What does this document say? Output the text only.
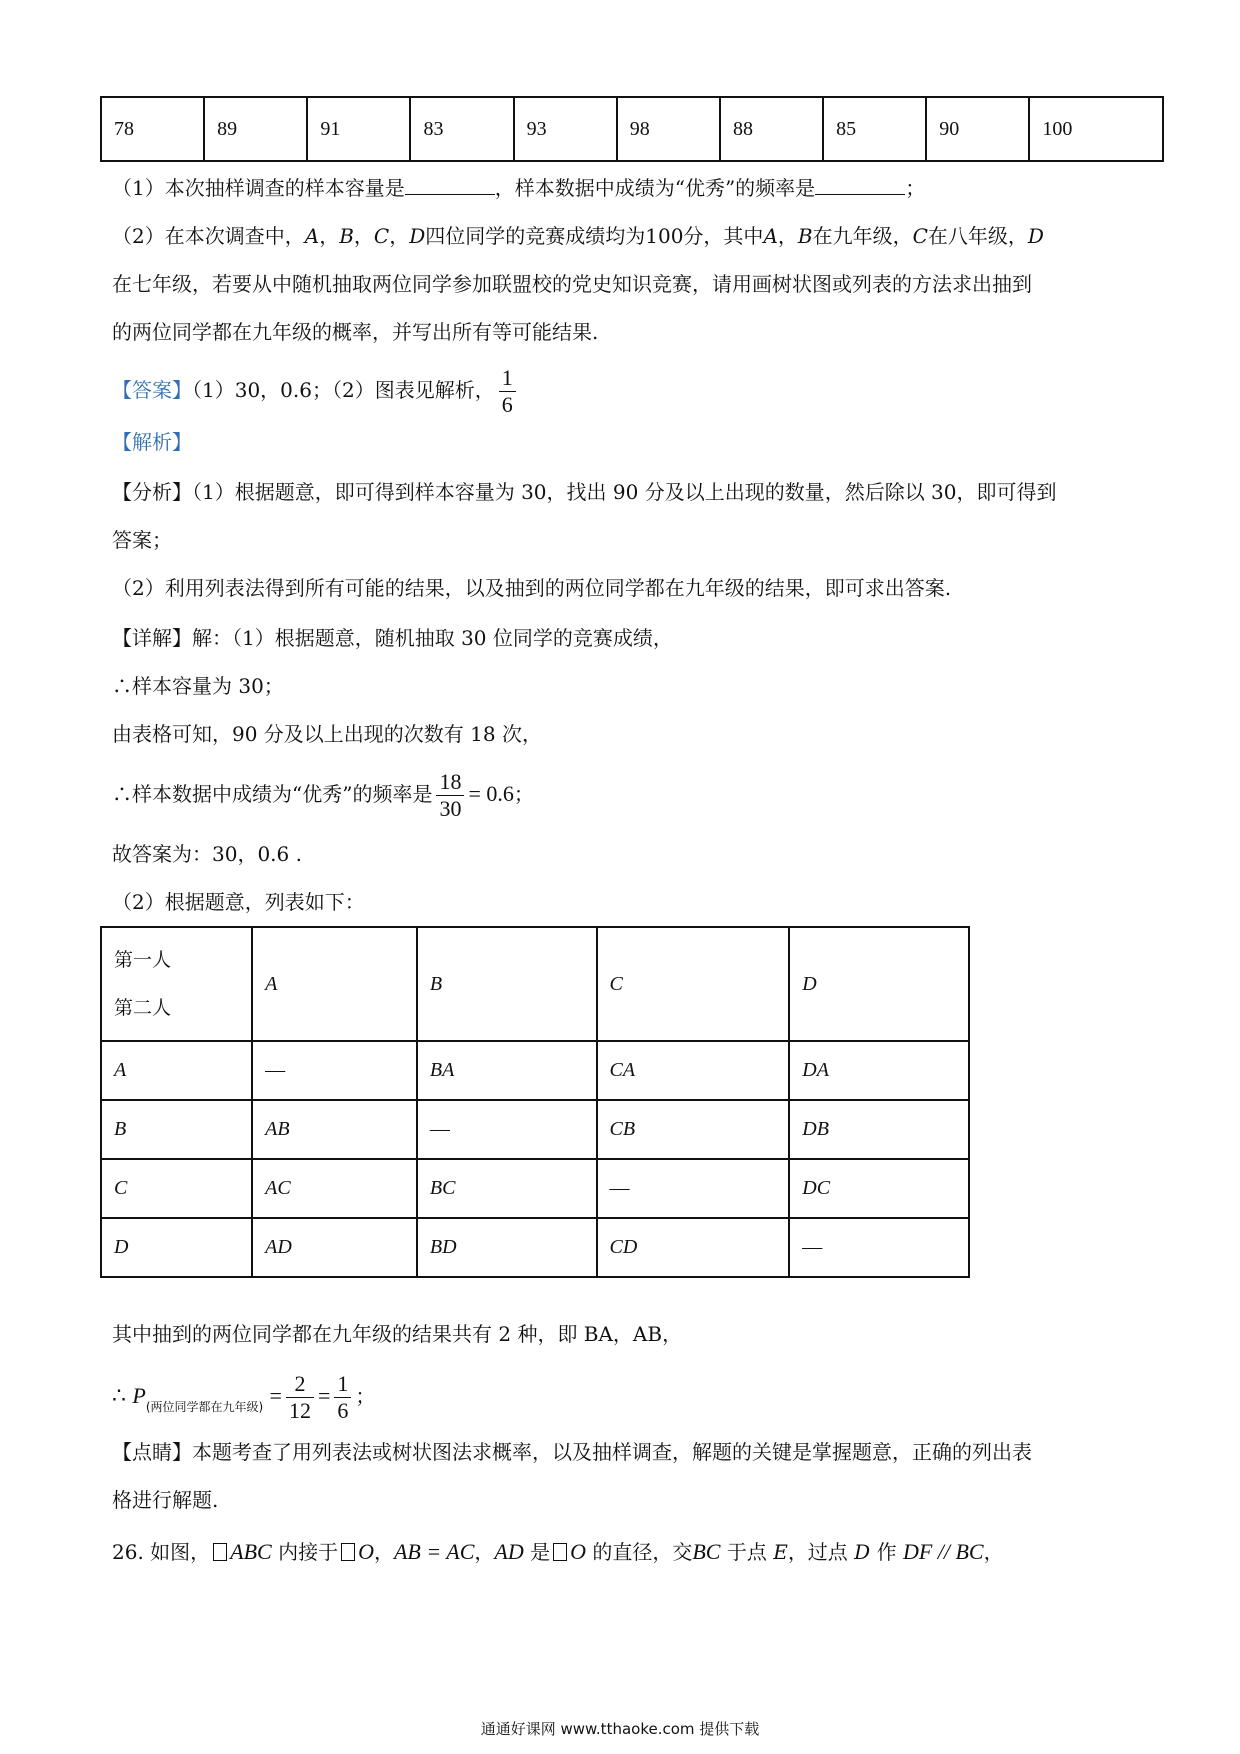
78	89	91	83	93	98	88	85	90	100
（1）本次抽样调查的样本容量是	，样本数据中成绩为“优秀”的频率是	；
（2）在本次调查中，A，B，C，D四位同学的竞赛成绩均为100分，其中A，B在九年级，C在八年级，D
在七年级，若要从中随机抽取两位同学参加联盟校的党史知识竞赛，请用画树状图或列表的方法求出抽到
的两位同学都在九年级的概率，并写出所有等可能结果.
【答案】（1）30，0.6；（2）图表见解析， $\frac{1}{6}$
【解析】
【分析】（1）根据题意，即可得到样本容量为 30，找出 90 分及以上出现的数量，然后除以 30，即可得到
答案；
（2）利用列表法得到所有可能的结果，以及抽到的两位同学都在九年级的结果，即可求出答案.
【详解】解：（1）根据题意，随机抽取 30 位同学的竞赛成绩，
∴样本容量为 30；
由表格可知，90 分及以上出现的次数有 18 次，
∴样本数据中成绩为“优秀”的频率是 $\frac{18}{30} = 0.6$；
故答案为：30，0.6 .
（2）根据题意，列表如下：
第一人
第二人	A	B	C	D
A	—	BA	CA	DA
B	AB	—	CB	DB
C	AC	BC	—	DC
D	AD	BD	CD	—
其中抽到的两位同学都在九年级的结果共有 2 种，即 BA，AB，
∴ $P_{(两位同学都在九年级)} = \frac{2}{12} = \frac{1}{6}$ ；
【点睛】本题考查了用列表法或树状图法求概率，以及抽样调查，解题的关键是掌握题意，正确的列出表
格进行解题.
26. 如图， ABC 内接于 O，AB = AC，AD 是 O 的直径，交BC 于点 E，过点 D 作 DF // BC，
通通好课网 www.tthaoke.com 提供下载
